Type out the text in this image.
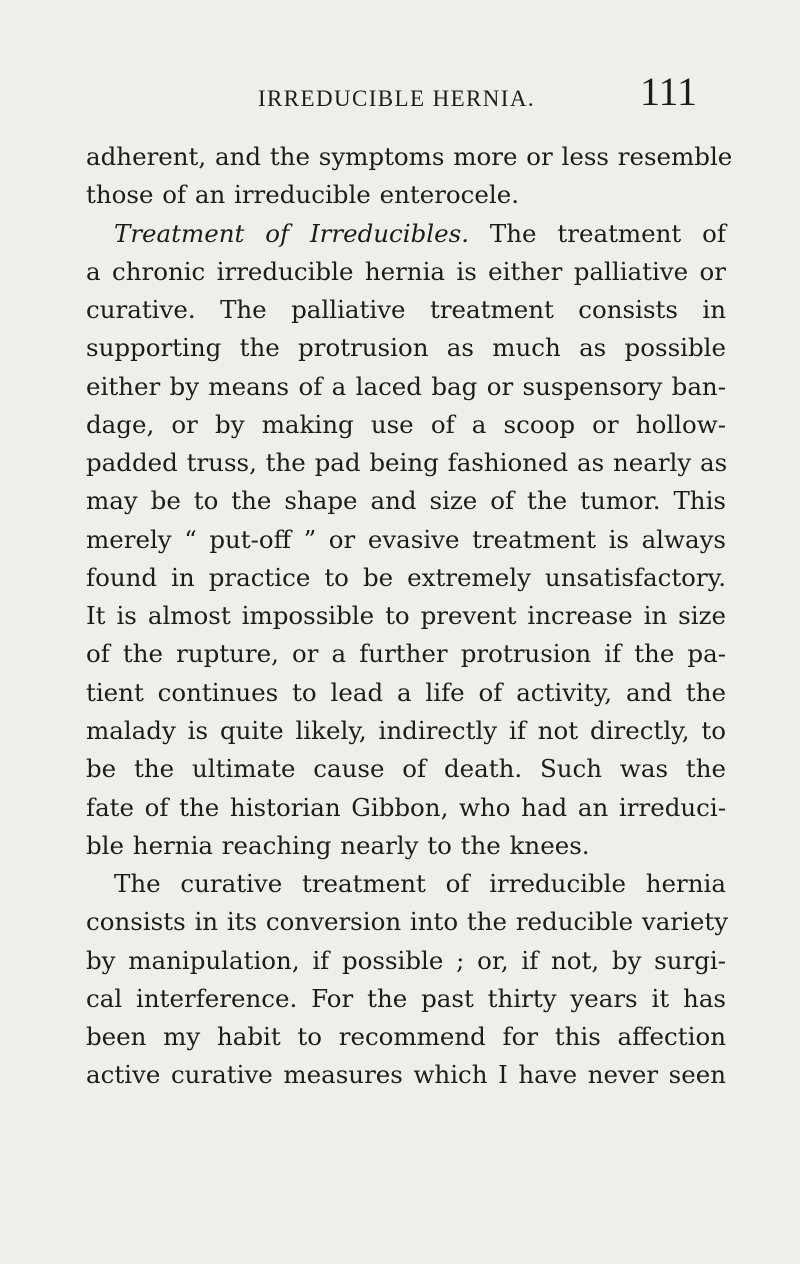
IRREDUCIBLE HERNIA.	111
adherent, and the symptoms more or less resemble
those of an irreducible enterocele.
Treatment of Irreducibles. The treatment of
a chronic irreducible hernia is either palliative or
curative. The palliative treatment consists in
supporting the protrusion as much as possible
either by means of a laced bag or suspensory ban-
dage, or by making use of a scoop or hollow-
padded truss, the pad being fashioned as nearly as
may be to the shape and size of the tumor. This
merely “ put-off ” or evasive treatment is always
found in practice to be extremely unsatisfactory.
It is almost impossible to prevent increase in size
of the rupture, or a further protrusion if the pa-
tient continues to lead a life of activity, and the
malady is quite likely, indirectly if not directly, to
be the ultimate cause of death. Such was the
fate of the historian Gibbon, who had an irreduci-
ble hernia reaching nearly to the knees.
The curative treatment of irreducible hernia
consists in its conversion into the reducible variety
by manipulation, if possible ; or, if not, by surgi-
cal interference. For the past thirty years it has
been my habit to recommend for this affection
active curative measures which I have never seen
